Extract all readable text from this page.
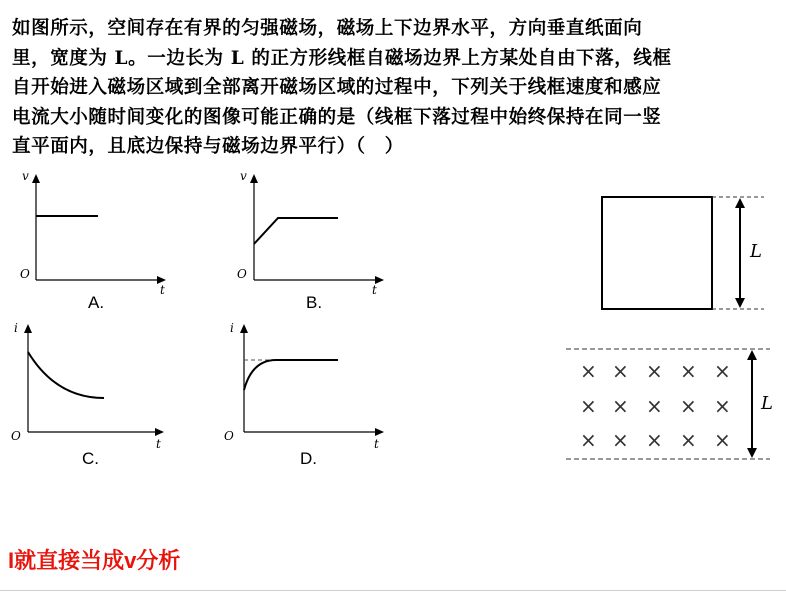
如图所示，空间存在有界的匀强磁场，磁场上下边界水平，方向垂直纸面向
里，宽度为 L。一边长为 L 的正方形线框自磁场边界上方某处自由下落，线框
自开始进入磁场区域到全部离开磁场区域的过程中，下列关于线框速度和感应
电流大小随时间变化的图像可能正确的是（线框下落过程中始终保持在同一竖
直平面内，且底边保持与磁场边界平行）（　）
v
O
t
A.
v
O
t
B.
i
O
t
C.
i
O
t
D.
L
L
× × × × ×
× × × × ×
× × × × ×
I就直接当成v分析
